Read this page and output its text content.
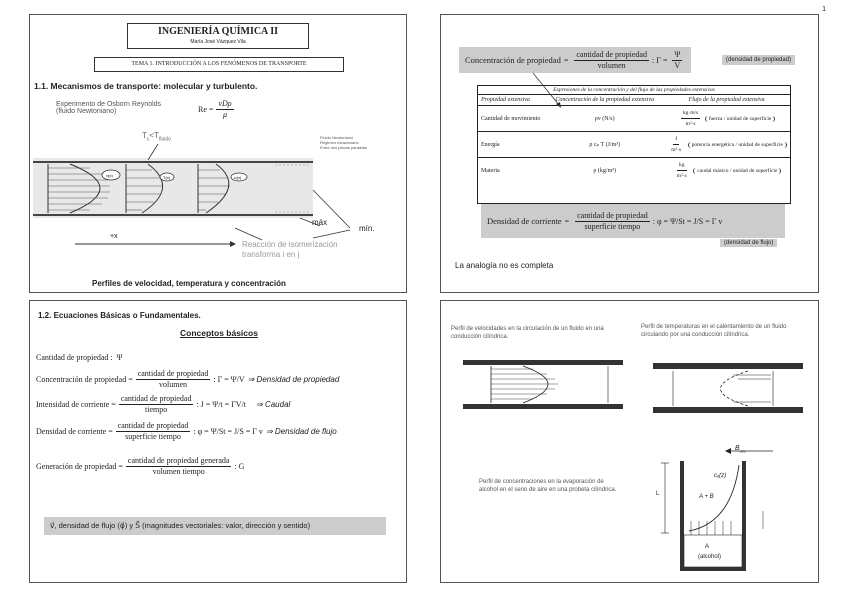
1
INGENIERÍA QUÍMICA II
María José Vázquez Vila
TEMA 1. INTRODUCCIÓN A LOS FENÓMENOS DE TRANSPORTE
1.1. Mecanismos de transporte: molecular y turbulento.
Experimento de Osborn Reynolds
(fluido Newtoniano)	$Re = \frac{\text{vDρ}}{\mu}$
$T_c<T_{fluido}$	Fluido Newtoniano
Régimen estacionario
Entre dos placas paralelas
v(x)	T(x)	cᵢ(x)
máx
mín.
+x
Reacción de isomerización
transforma i en j
Perfiles de velocidad, temperatura y concentración
Concentración de propiedad = $\frac{\text{cantidad de propiedad}}{\text{volumen}}$ : $\Gamma = \frac{\Psi}{V}$	(densidad de propiedad)
Expresiones de la concentración y del flujo de las propiedades extensivas
Propiedad extensiva	Concentración de la propiedad extensiva	Flujo de la propiedad extensiva
Cantidad de movimiento	ρv (N/s)	$\frac{kg\cdot m/s}{\text{m³·s}}$ fuerza / unidad de superficie
Energía	ρ cₚ T (J/m³)	$\frac{J}{\text{m²·s}}$ potencia energética / unidad de superficie
Materia	ρ (kg/m³)	$\frac{kg}{\text{m²·s}}$ caudal másico / unidad de superficie
Densidad de corriente = $\frac{\text{cantidad de propiedad}}{\text{superficie tiempo}}$ : φ = Ψ/St = J/S = Γ v
(densidad de flujo)
La analogía no es completa
1.2. Ecuaciones Básicas o Fundamentales.
Conceptos básicos
Cantidad de propiedad : Ψ
Concentración de propiedad = $\frac{\text{cantidad de propiedad}}{\text{volumen}}$ : Γ = Ψ/V ⇒ Densidad de propiedad
Intensidad de corriente = $\frac{\text{cantidad de propiedad}}{\text{tiempo}}$ : J = Ψ/t = ΓV/t ⇒ Caudal
Densidad de corriente = $\frac{\text{cantidad de propiedad}}{\text{superficie tiempo}}$ : φ = Ψ/St = J/S = Γ v ⇒ Densidad de flujo
Generación de propiedad = $\frac{\text{cantidad de propiedad generada}}{\text{volumen tiempo}}$ : G
v⃗, densidad de flujo (φ⃗) y S⃗ (magnitudes vectoriales: valor, dirección y sentido)
Perfil de velocidades en la circulación de un fluido en una conducción cilíndrica.
Perfil de temperaturas en el calentamiento de un fluido circulando por una conducción cilíndrica.
Perfil de concentraciones en la evaporación de alcohol en el seno de aire en una probeta cilíndrica.
$B_{aire}$
cₐ(z)
A + B
L
A
(alcohol)
